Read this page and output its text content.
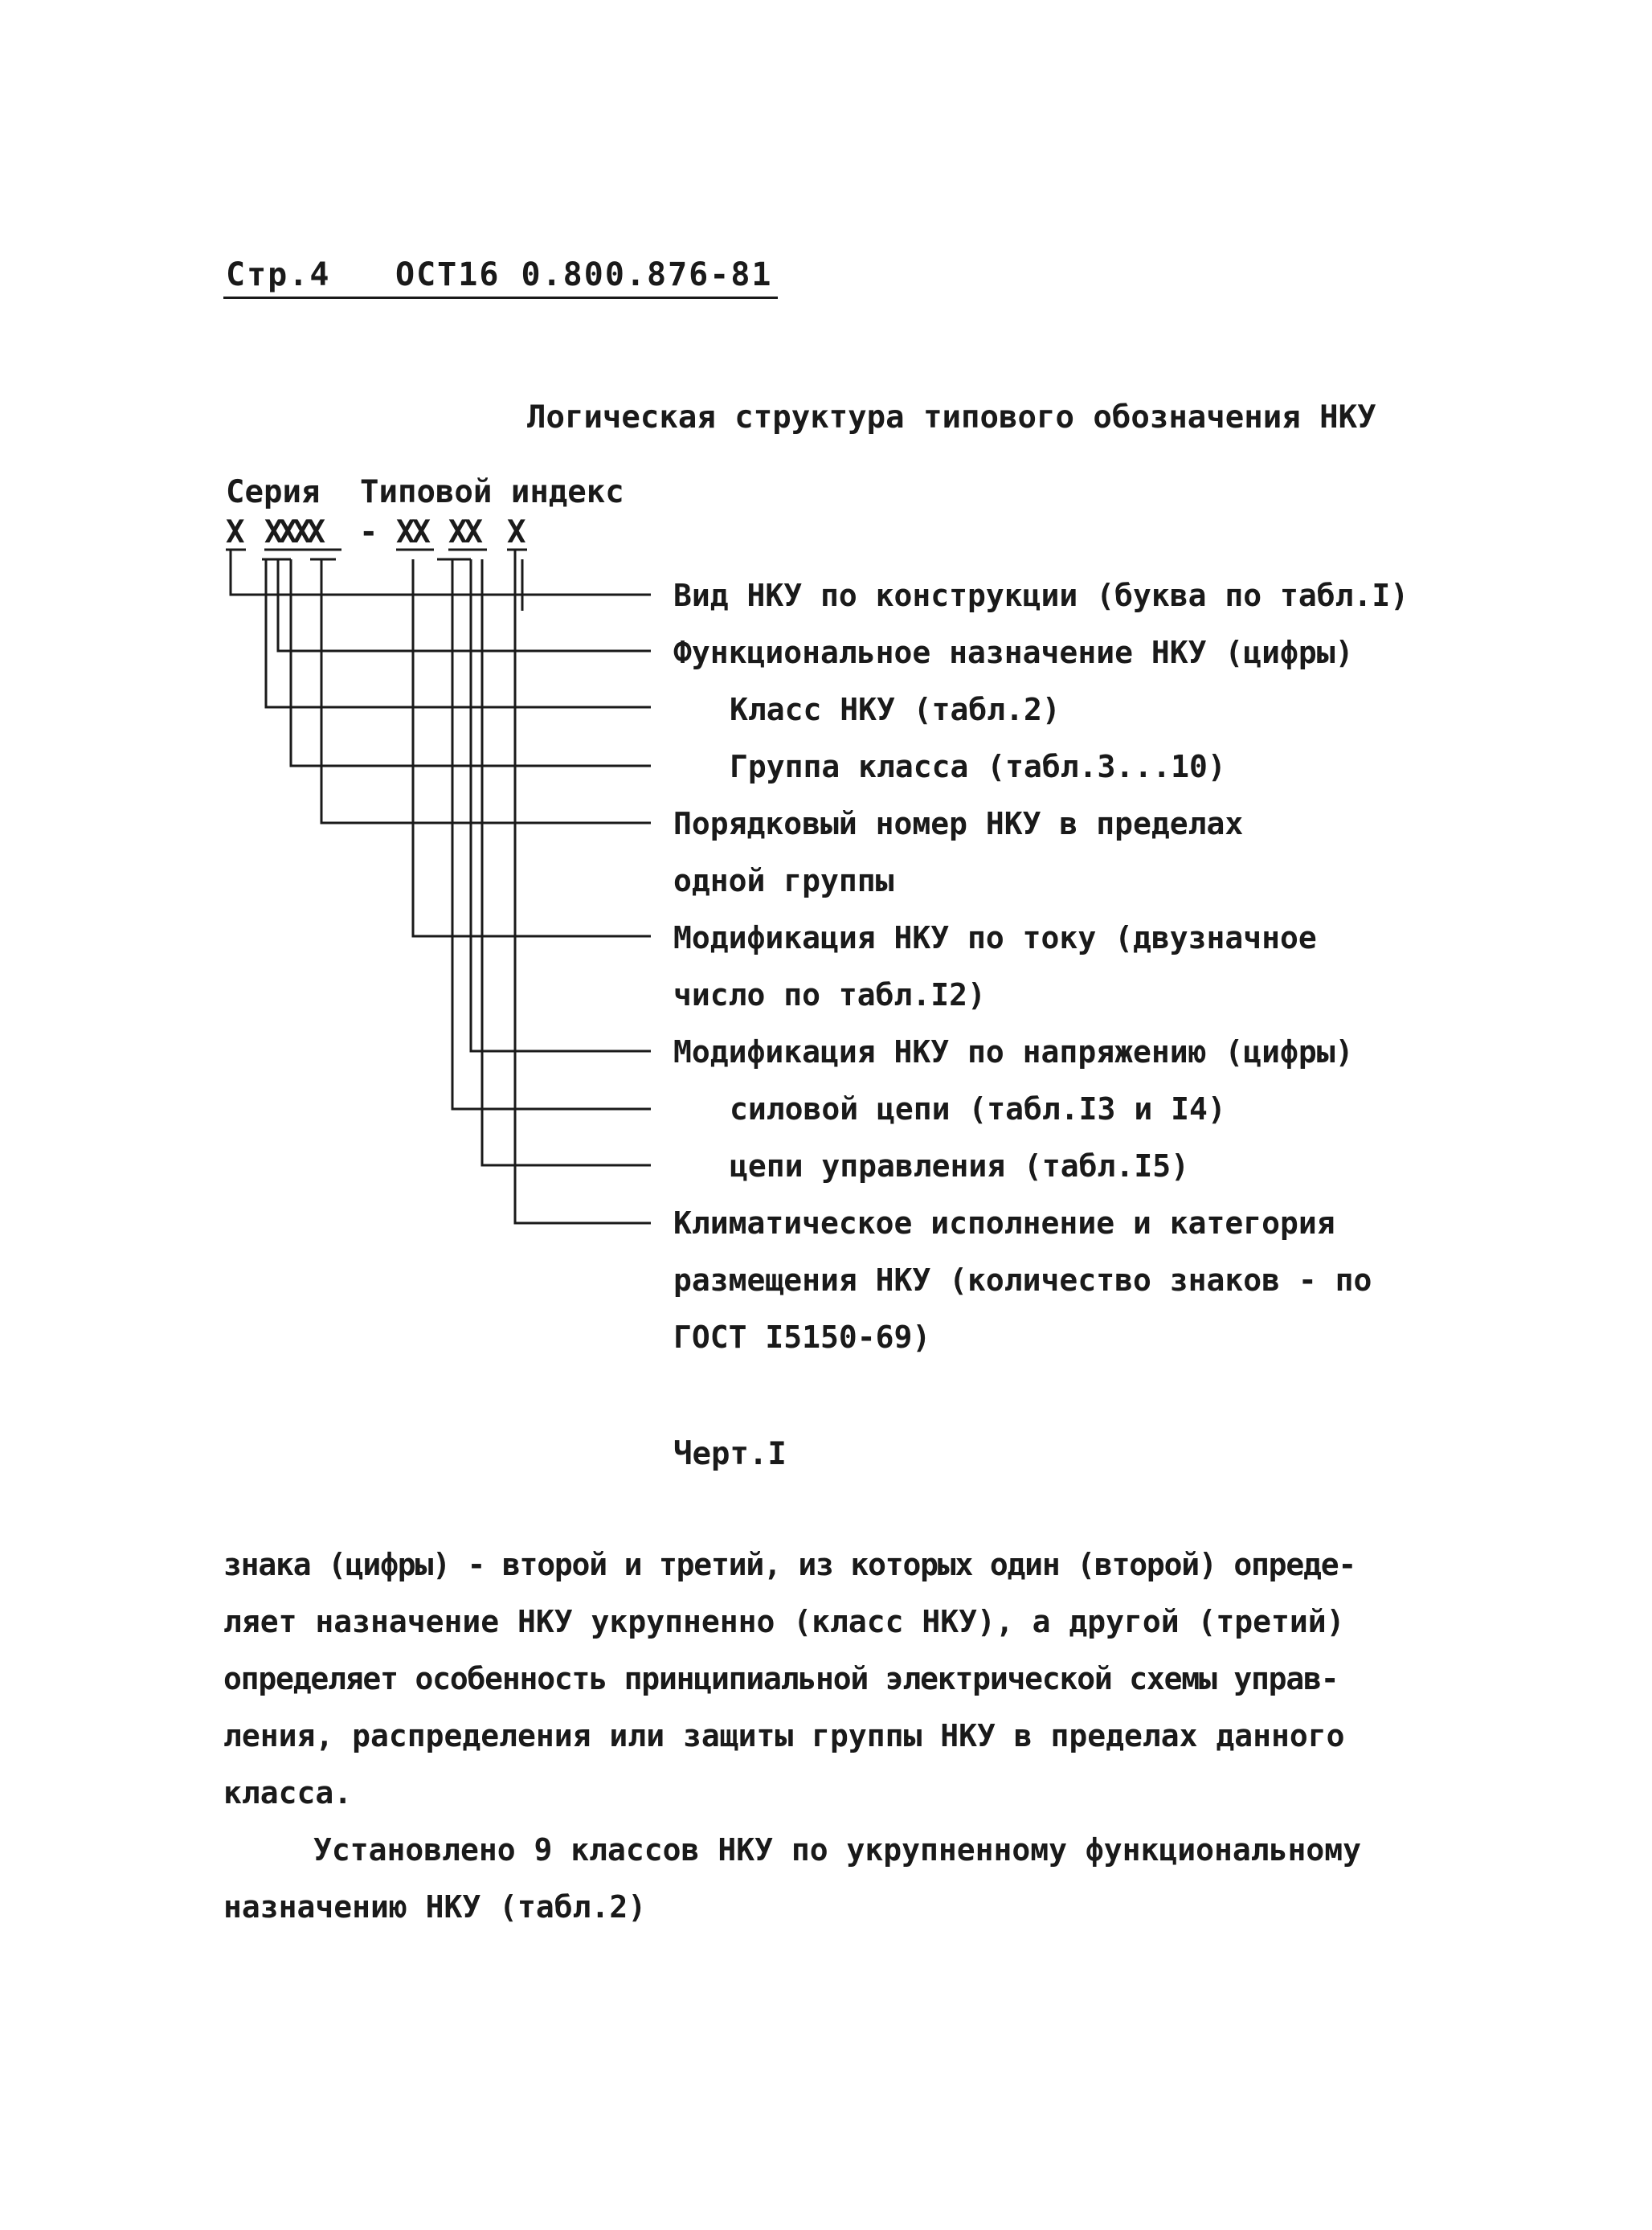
Стр.4 ОСТ16 0.800.876-81
Логическая структура типового обозначения НКУ
Серия Типовой индекс
Х ХХХХ - ХХ ХХ Х
Вид НКУ по конструкции (буква по табл.I)
Функциональное назначение НКУ (цифры)
Класс НКУ (табл.2)
Группа класса (табл.3...10)
Порядковый номер НКУ в пределах
одной группы
Модификация НКУ по току (двузначное
число по табл.I2)
Модификация НКУ по напряжению (цифры)
силовой цепи (табл.I3 и I4)
цепи управления (табл.I5)
Климатическое исполнение и категория
размещения НКУ (количество знаков - по
ГОСТ I5150-69)
Черт.I
знака (цифры) - второй и третий, из которых один (второй) опреде-
ляет назначение НКУ укрупненно (класс НКУ), а другой (третий)
определяет особенность принципиальной электрической схемы управ-
ления, распределения или защиты группы НКУ в пределах данного
класса.
Установлено 9 классов НКУ по укрупненному функциональному
назначению НКУ (табл.2)
